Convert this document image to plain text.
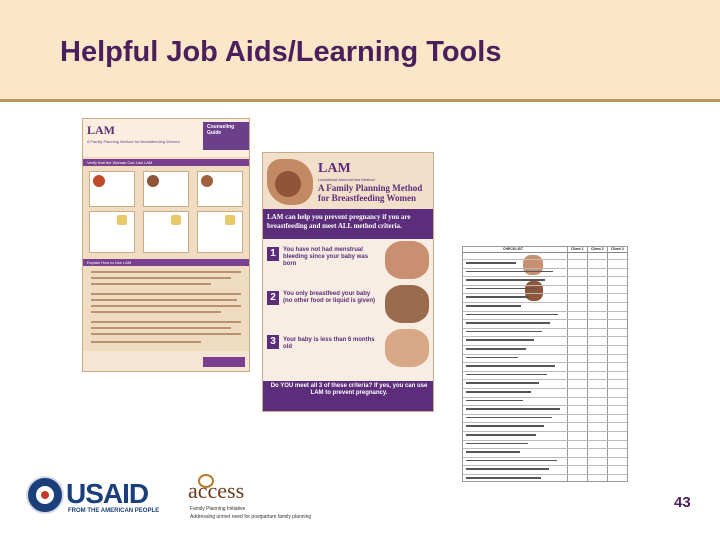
Helpful Job Aids/Learning Tools
LAM
A Family Planning Method for Breastfeeding Women
Counseling Guide
Verify that the Woman Can Use LAM
Explain How to Use LAM
LAM
Lactational Amenorrhea Method
A Family Planning Method for Breastfeeding Women
LAM can help you prevent pregnancy if you are breastfeeding and meet ALL method criteria.
1	You have not had menstrual bleeding since your baby was born
2	You only breastfeed your baby (no other food or liquid is given)
3	Your baby is less than 6 months old
Do YOU meet all 3 of these criteria? If yes, you can use LAM to prevent pregnancy.
CHECKLIST	Client 1 Client 2 Client 3
USAID
FROM THE AMERICAN PEOPLE
access
Family Planning Initiative
Addressing unmet need for postpartum family planning
43
